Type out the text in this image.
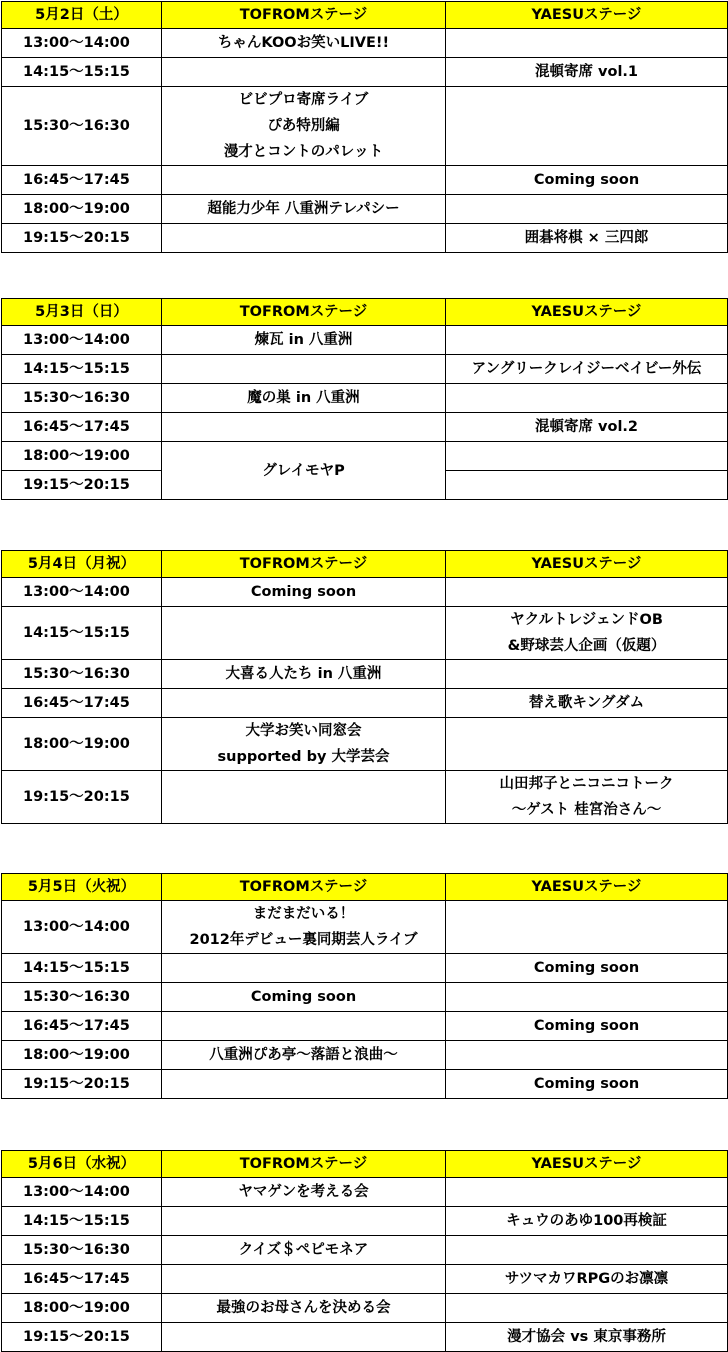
5月2日（土）	TOFROMステージ	YAESUステージ
13:00〜14:00	ちゃんKOOお笑いLIVE!!	

14:15〜15:15		混頓寄席 vol.1

15:30〜16:30	ビビプロ寄席ライブ
ぴあ特別編
漫才とコントのパレット	

16:45〜17:45		Coming soon

18:00〜19:00	超能力少年 八重洲テレパシー	

19:15〜20:15		囲碁将棋 × 三四郎
5月3日（日）	TOFROMステージ	YAESUステージ
13:00〜14:00	煉瓦 in 八重洲	

14:15〜15:15		アングリークレイジーベイビー外伝

15:30〜16:30	魔の巣 in 八重洲	

16:45〜17:45		混頓寄席 vol.2

18:00〜19:00	グレイモヤP	

19:15〜20:15		
5月4日（月祝）	TOFROMステージ	YAESUステージ
13:00〜14:00	Coming soon	

14:15〜15:15		ヤクルトレジェンドOB
&野球芸人企画（仮題）

15:30〜16:30	大喜る人たち in 八重洲	

16:45〜17:45		替え歌キングダム

18:00〜19:00	大学お笑い同窓会
supported by 大学芸会	

19:15〜20:15		山田邦子とニコニコトーク
〜ゲスト 桂宮治さん〜
5月5日（火祝）	TOFROMステージ	YAESUステージ
13:00〜14:00	まだまだいる！
2012年デビュー裏同期芸人ライブ	

14:15〜15:15		Coming soon

15:30〜16:30	Coming soon	

16:45〜17:45		Coming soon

18:00〜19:00	八重洲ぴあ亭〜落語と浪曲〜	

19:15〜20:15		Coming soon
5月6日（水祝）	TOFROMステージ	YAESUステージ
13:00〜14:00	ヤマゲンを考える会	

14:15〜15:15		キュウのあゆ100再検証

15:30〜16:30	クイズ＄ペピモネア	

16:45〜17:45		サツマカワRPGのお凛凛

18:00〜19:00	最強のお母さんを決める会	

19:15〜20:15		漫才協会 vs 東京事務所
